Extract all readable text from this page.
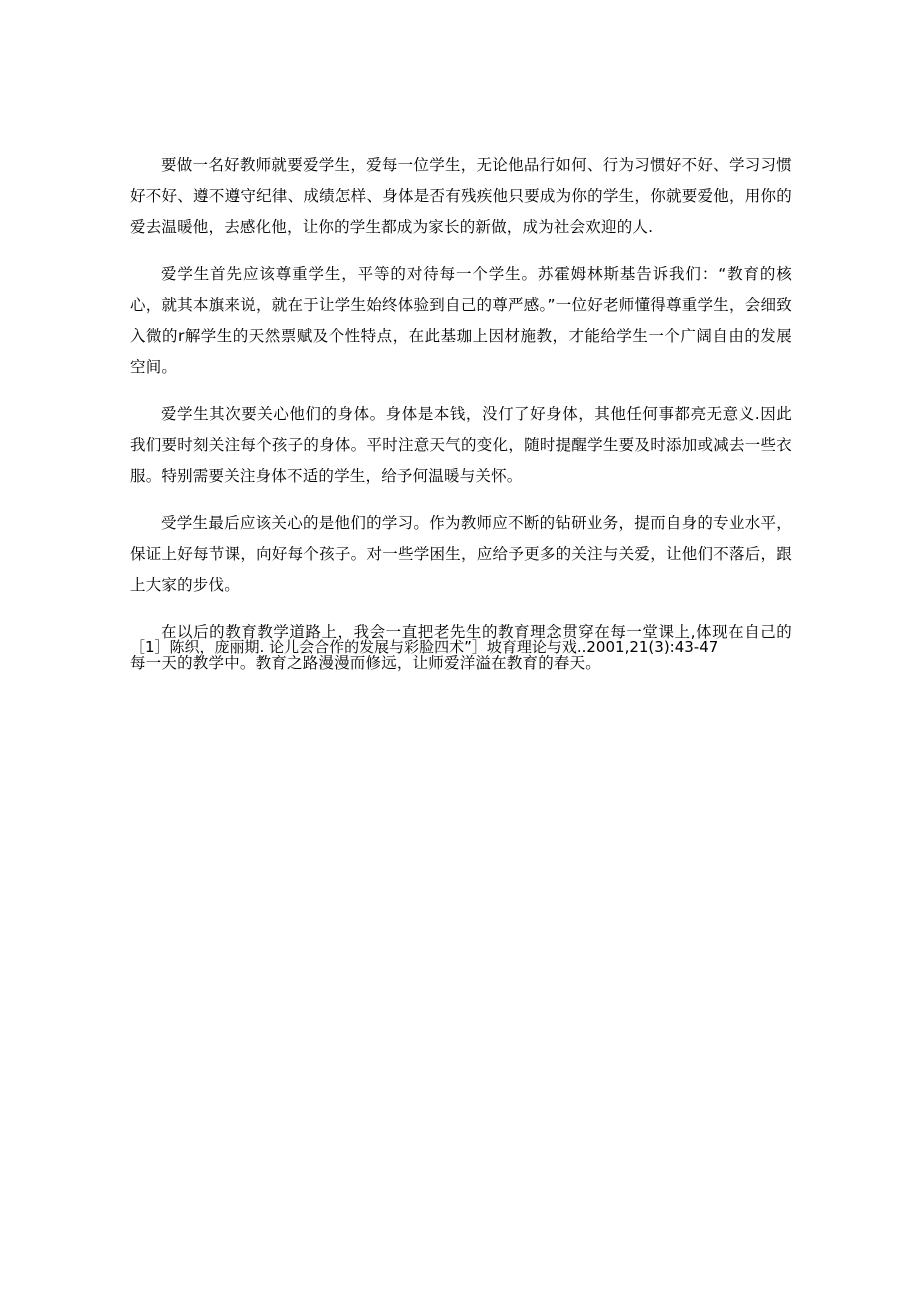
要做一名好教师就要爱学生，爱每一位学生，无论他品行如何、行为习惯好不好、学习习惯好不好、遵不遵守纪律、成绩怎样、身体是否有残疾他只要成为你的学生，你就要爱他，用你的爱去温暖他，去感化他，让你的学生都成为家长的新做，成为社会欢迎的人.

爱学生首先应该尊重学生，平等的对待每一个学生。苏霍姆林斯基告诉我们：“教育的核心，就其本旗来说，就在于让学生始终体验到自己的尊严感。”一位好老师懂得尊重学生，会细致入微的r解学生的天然票赋及个性特点，在此基珈上因材施教，才能给学生一个广阔自由的发展空间。

爱学生其次要关心他们的身体。身体是本钱，没仃了好身体，其他任何事都亮无意义.因此我们要时刻关注每个孩子的身体。平时注意天气的变化，随时提醒学生要及时添加或减去一些衣服。特别需要关注身体不适的学生，给予何温暖与关怀。

受学生最后应该关心的是他们的学习。作为教师应不断的钻研业务，提而自身的专业水平，保证上好每节课，向好每个孩子。对一些学困生，应给予更多的关注与关爱，让他们不落后，跟上大家的步伐。

在以后的教育教学道路上，我会一直把老先生的教育理念贯穿在每一堂课上,体现在自己的每一天的教学中。教育之路漫漫而修远，让师爱洋溢在教育的春天。

［1］陈织，庞丽期. 论儿会合作的发展与彩脸四术”］坡育理论与戏..2001,21(3):43-47
